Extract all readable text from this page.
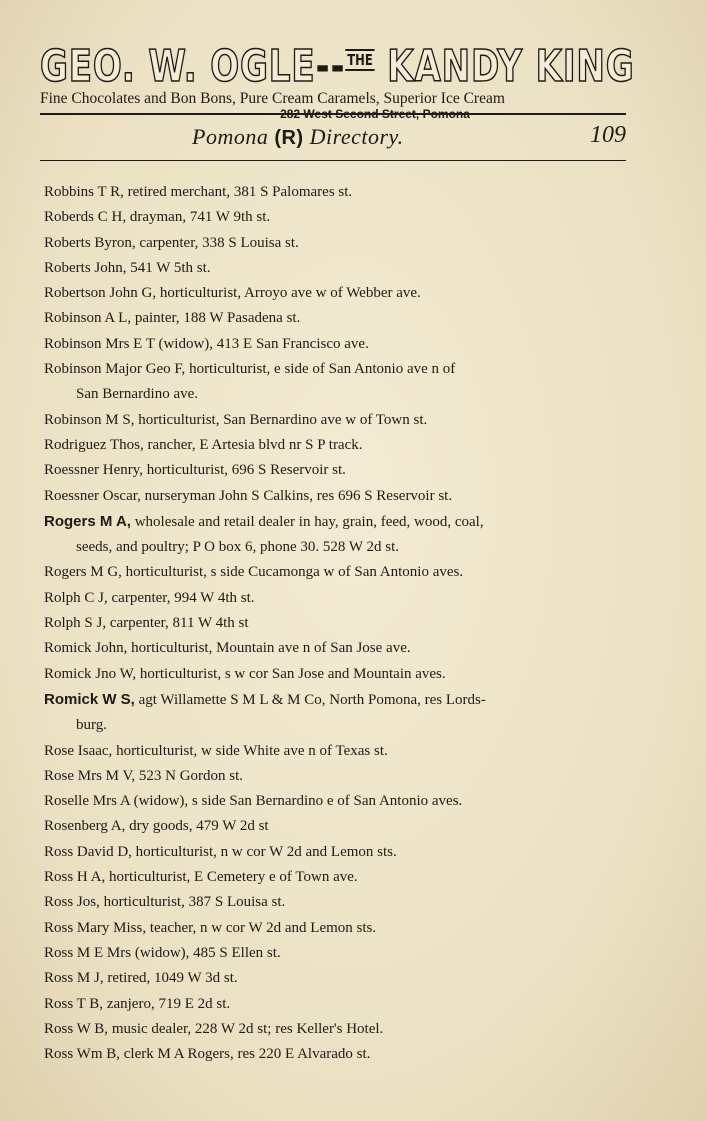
GEO. W. OGLE-- $^{THE}$ KANDY KING
Fine Chocolates and Bon Bons, Pure Cream Caramels, Superior Ice Cream
282 West Second Street, Pomona
Pomona (R) Directory.	109
Robbins T R, retired merchant, 381 S Palomares st.
Roberds C H, drayman, 741 W 9th st.
Roberts Byron, carpenter, 338 S Louisa st.
Roberts John, 541 W 5th st.
Robertson John G, horticulturist, Arroyo ave w of Webber ave.
Robinson A L, painter, 188 W Pasadena st.
Robinson Mrs E T (widow), 413 E San Francisco ave.
Robinson Major Geo F, horticulturist, e side of San Antonio ave n of
San Bernardino ave.
Robinson M S, horticulturist, San Bernardino ave w of Town st.
Rodriguez Thos, rancher, E Artesia blvd nr S P track.
Roessner Henry, horticulturist, 696 S Reservoir st.
Roessner Oscar, nurseryman John S Calkins, res 696 S Reservoir st.
Rogers M A, wholesale and retail dealer in hay, grain, feed, wood, coal,
seeds, and poultry; P O box 6, phone 30. 528 W 2d st.
Rogers M G, horticulturist, s side Cucamonga w of San Antonio aves.
Rolph C J, carpenter, 994 W 4th st.
Rolph S J, carpenter, 811 W 4th st
Romick John, horticulturist, Mountain ave n of San Jose ave.
Romick Jno W, horticulturist, s w cor San Jose and Mountain aves.
Romick W S, agt Willamette S M L & M Co, North Pomona, res Lords-
burg.
Rose Isaac, horticulturist, w side White ave n of Texas st.
Rose Mrs M V, 523 N Gordon st.
Roselle Mrs A (widow), s side San Bernardino e of San Antonio aves.
Rosenberg A, dry goods, 479 W 2d st
Ross David D, horticulturist, n w cor W 2d and Lemon sts.
Ross H A, horticulturist, E Cemetery e of Town ave.
Ross Jos, horticulturist, 387 S Louisa st.
Ross Mary Miss, teacher, n w cor W 2d and Lemon sts.
Ross M E Mrs (widow), 485 S Ellen st.
Ross M J, retired, 1049 W 3d st.
Ross T B, zanjero, 719 E 2d st.
Ross W B, music dealer, 228 W 2d st; res Keller's Hotel.
Ross Wm B, clerk M A Rogers, res 220 E Alvarado st.
